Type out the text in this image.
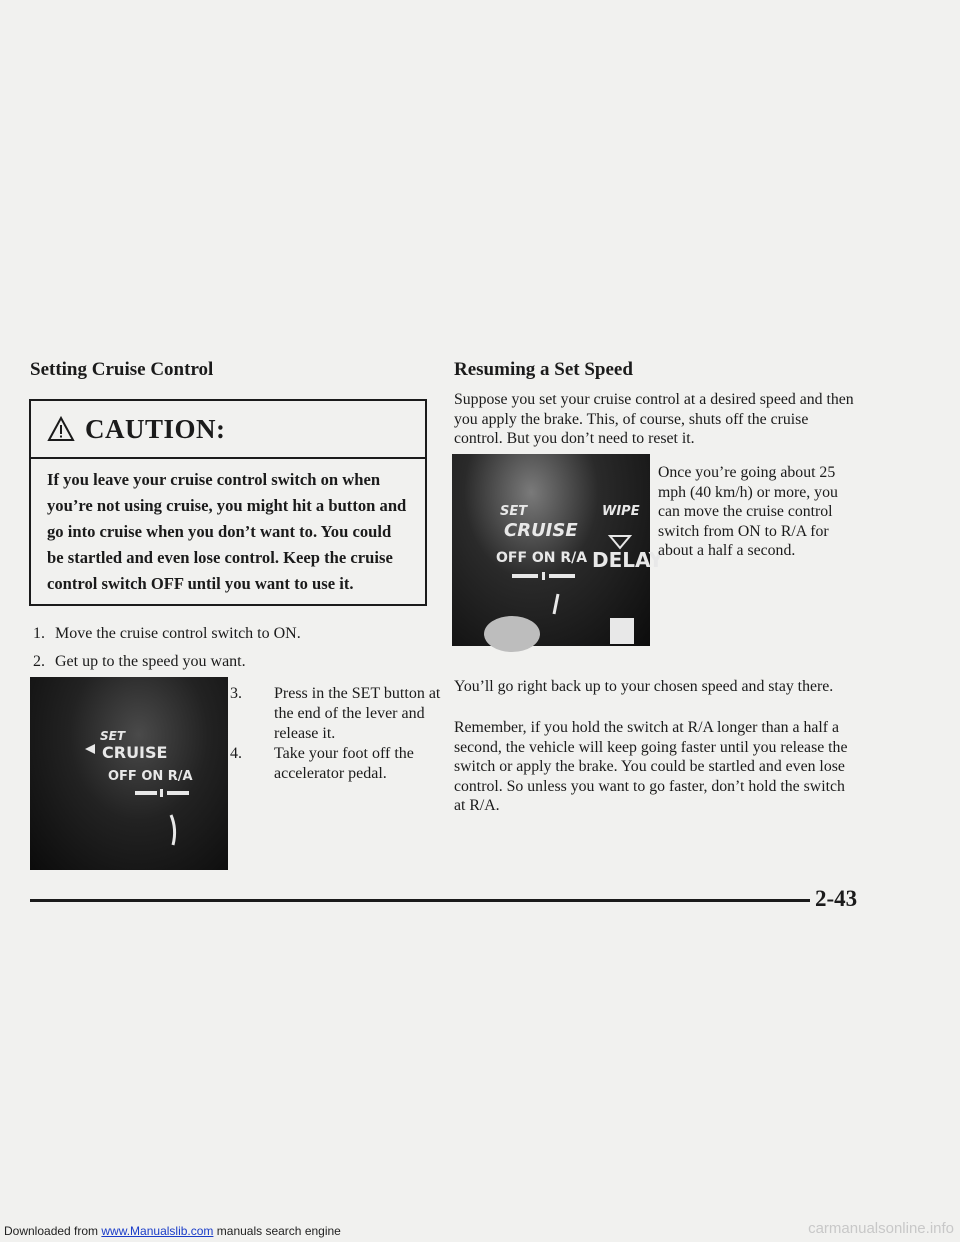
Setting Cruise Control
CAUTION:
If you leave your cruise control switch on when you’re not using cruise, you might hit a button and go into cruise when you don’t want to. You could be startled and even lose control. Keep the cruise control switch OFF until you want to use it.
1. Move the cruise control switch to ON.
2. Get up to the speed you want.
SET
CRUISE
OFF ON R/A
3. Press in the SET button at the end of the lever and release it.
4. Take your foot off the accelerator pedal.
Resuming a Set Speed

Suppose you set your cruise control at a desired speed and then you apply the brake. This, of course, shuts off the cruise control. But you don’t need to reset it.

SET
CRUISE
WIPE
OFF ON R/A DELAY

Once you’re going about 25 mph (40 km/h) or more, you can move the cruise control switch from ON to R/A for about a half a second.

You’ll go right back up to your chosen speed and stay there.

Remember, if you hold the switch at R/A longer than a half a second, the vehicle will keep going faster until you release the switch or apply the brake. You could be startled and even lose control. So unless you want to go faster, don’t hold the switch at R/A.

2-43
Downloaded from www.Manualslib.com manuals search engine	carmanualsonline.info
